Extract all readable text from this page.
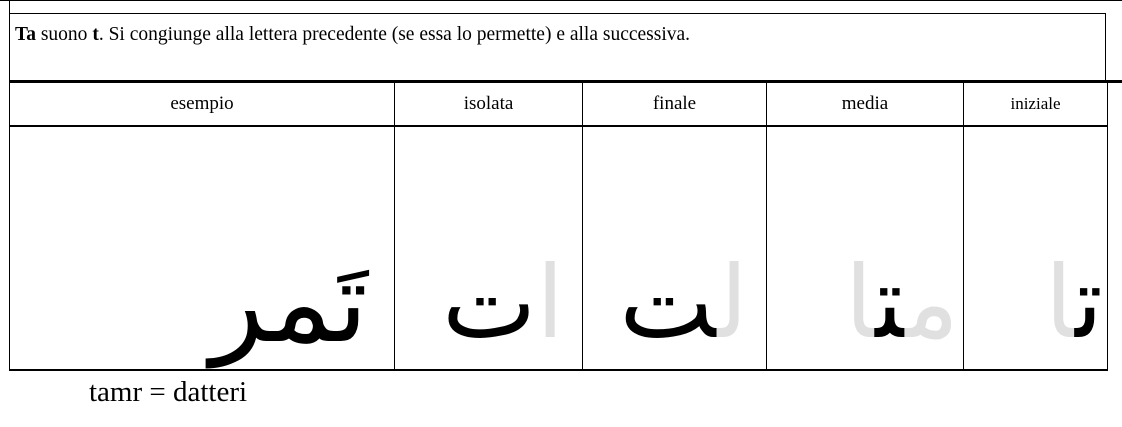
Ta suono t. Si congiunge alla lettera precedente (se essa lo permette) e alla successiva.
esempio	isolata	finale	media	iniziale
تَمر	ات	ﻟﺖ	ﻣﺘﺎ	ﺗﺎ
tamr = datteri
